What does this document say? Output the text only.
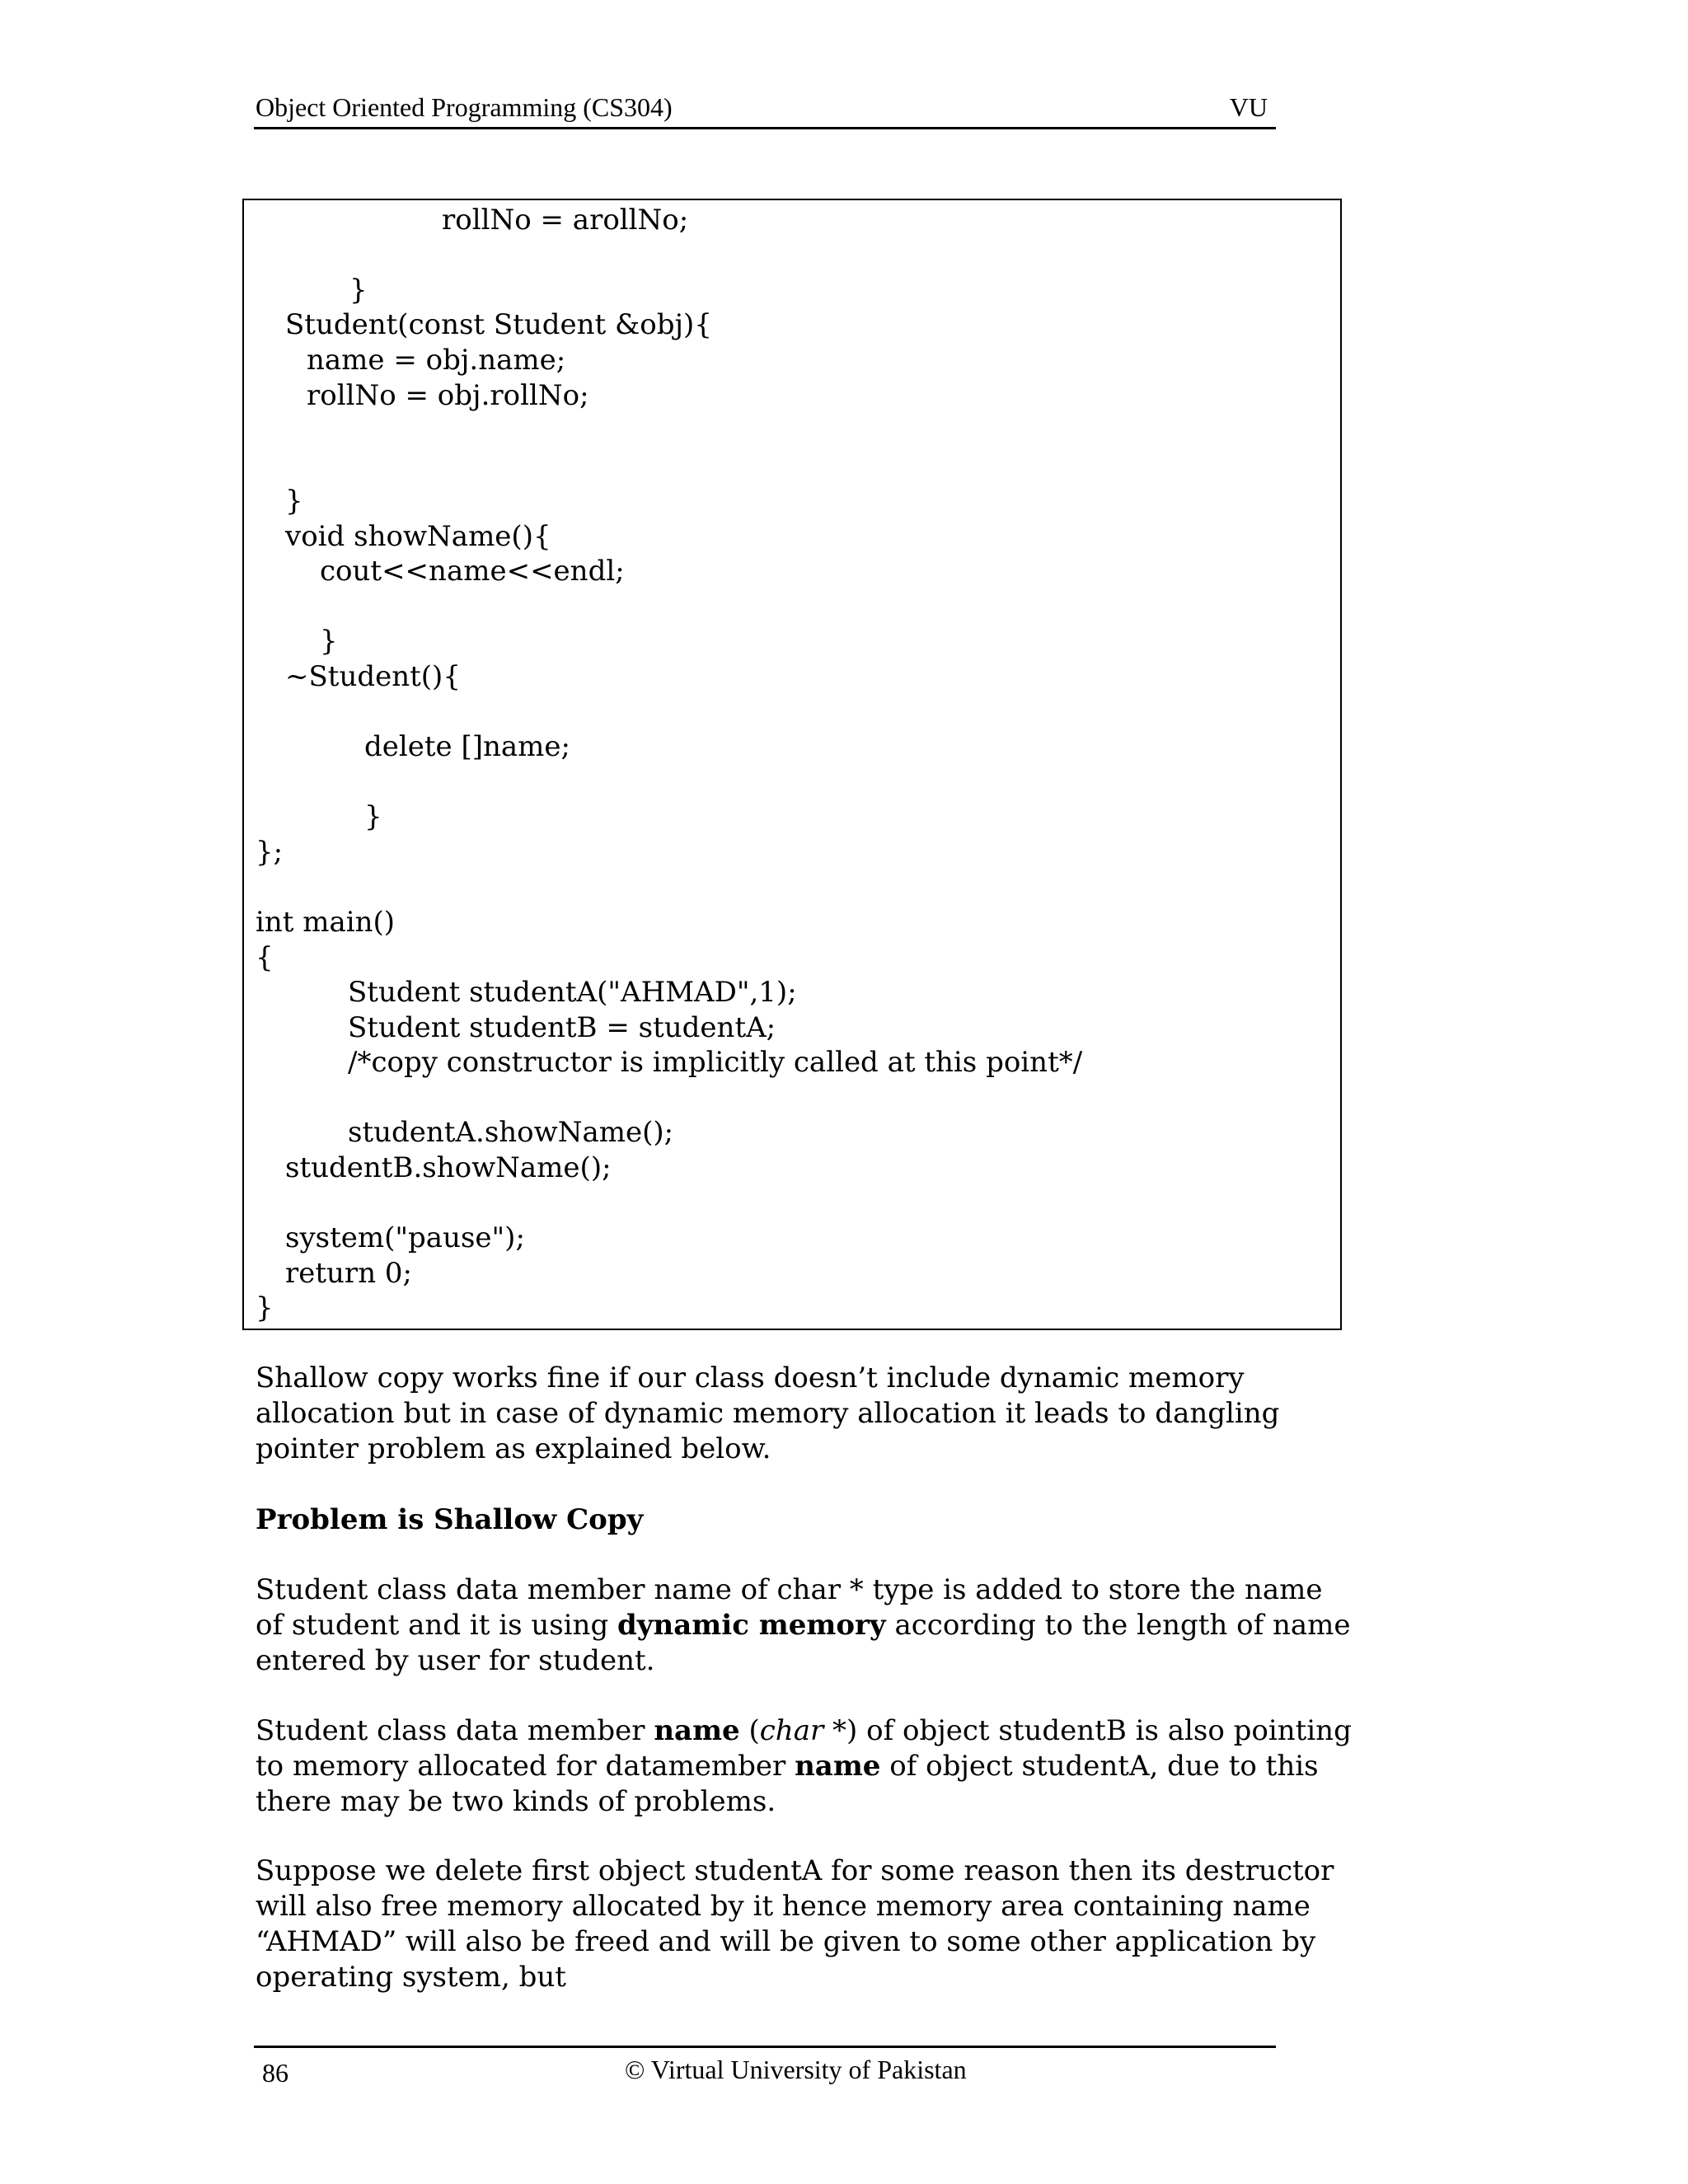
Object Oriented Programming (CS304)	VU
rollNo = arollNo;
}
Student(const Student &obj){
name = obj.name;
rollNo = obj.rollNo;
}
void showName(){
cout<<name<<endl;
}
~Student(){
delete []name;
}
};
int main()
{
Student studentA("AHMAD",1);
Student studentB = studentA;
/*copy constructor is implicitly called at this point*/
studentA.showName();
studentB.showName();
system("pause");
return 0;
}

Shallow copy works fine if our class doesn’t include dynamic memory allocation but in case of dynamic memory allocation it leads to dangling pointer problem as explained below.

Problem is Shallow Copy

Student class data member name of char * type is added to store the name of student and it is using dynamic memory according to the length of name entered by user for student.

Student class data member name (char *) of object studentB is also pointing to memory allocated for datamember name of object studentA, due to this there may be two kinds of problems.

Suppose we delete first object studentA for some reason then its destructor will also free memory allocated by it hence memory area containing name “AHMAD” will also be freed and will be given to some other application by operating system, but

86	© Virtual University of Pakistan
